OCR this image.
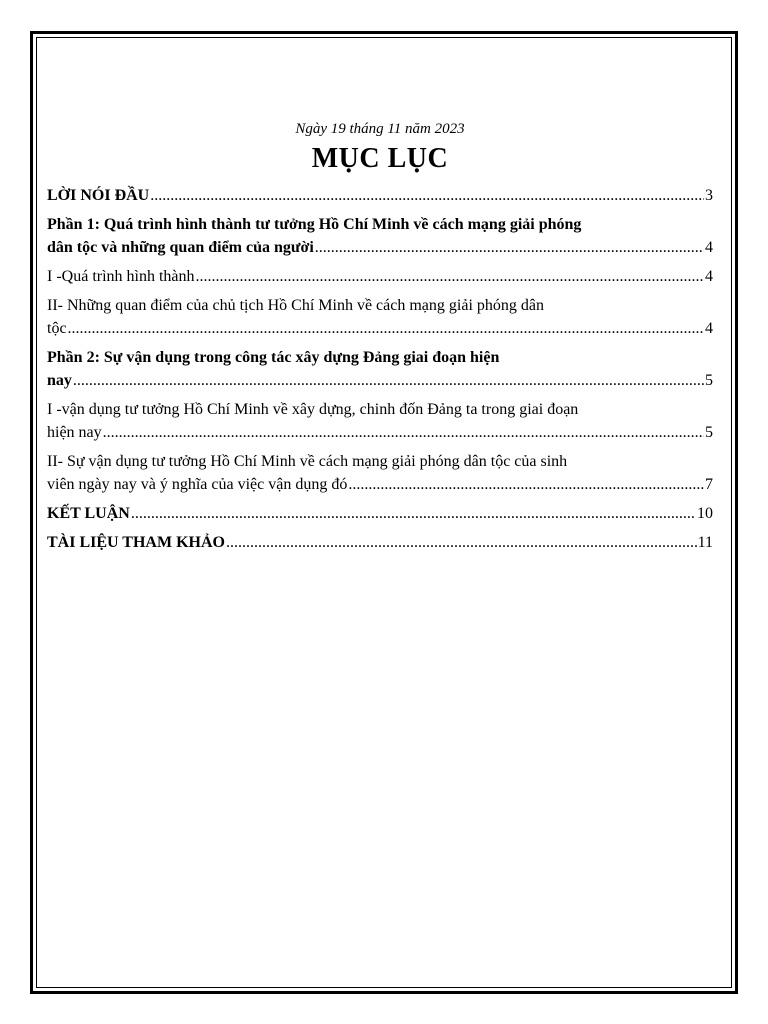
Ngày 19 tháng 11 năm 2023

MỤC LỤC
LỜI NÓI ĐẦU .....	3
Phần 1: Quá trình hình thành tư tưởng Hồ Chí Minh về cách mạng giải phóng
dân tộc và những quan điểm của người .....	4
I -Quá trình hình thành .....	4
II- Những quan điểm của chủ tịch Hồ Chí Minh về cách mạng giải phóng dân
tộc .....	4
Phần 2: Sự vận dụng trong công tác xây dựng Đảng giai đoạn hiện
nay .....	5
I -vận dụng tư tưởng Hồ Chí Minh về xây dựng, chinh đốn Đảng ta trong giai đoạn
hiện nay .....	5
II- Sự vận dụng tư tưởng Hồ Chí Minh về cách mạng giải phóng dân tộc của sinh
viên ngày nay và ý nghĩa của việc vận dụng đó .....	7
KẾT LUẬN .....	10
TÀI LIỆU THAM KHẢO .....	11
